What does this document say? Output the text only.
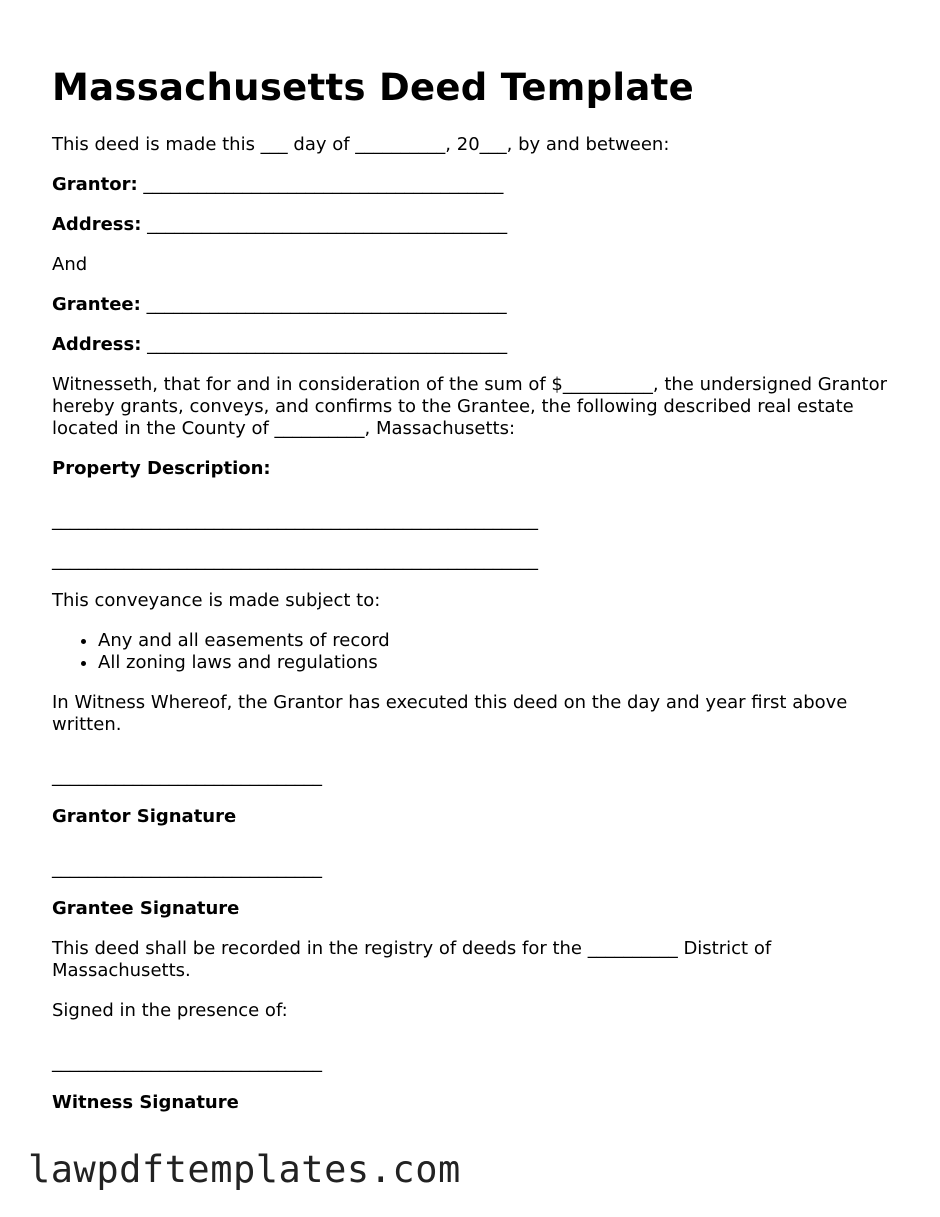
Massachusetts Deed Template

This deed is made this ___ day of __________, 20___, by and between:

Grantor: ________________________________________

Address: ________________________________________

And

Grantee: ________________________________________

Address: ________________________________________

Witnesseth, that for and in consideration of the sum of $__________, the undersigned Grantor hereby grants, conveys, and confirms to the Grantee, the following described real estate located in the County of __________, Massachusetts:

Property Description:

______________________________________________________
______________________________________________________

This conveyance is made subject to:

• Any and all easements of record
• All zoning laws and regulations

In Witness Whereof, the Grantor has executed this deed on the day and year first above written.

______________________________

Grantor Signature

______________________________

Grantee Signature

This deed shall be recorded in the registry of deeds for the __________ District of Massachusetts.

Signed in the presence of:

______________________________

Witness Signature

lawpdftemplates.com
